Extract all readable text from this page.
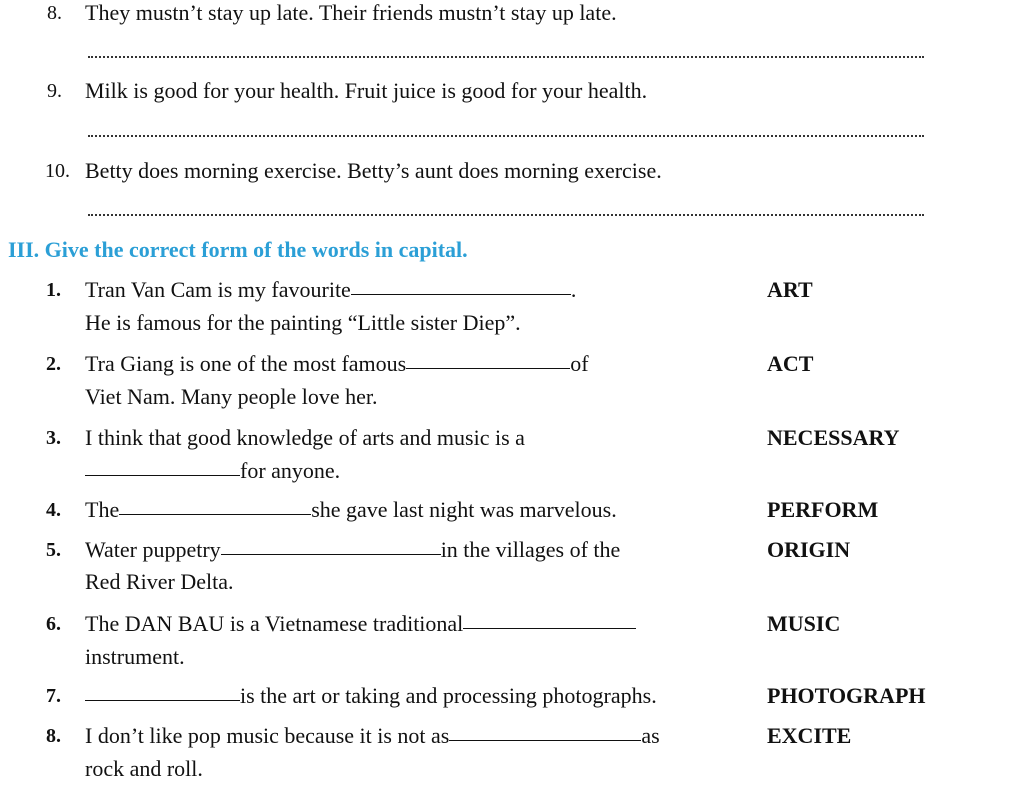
8. They mustn’t stay up late. Their friends mustn’t stay up late.
9. Milk is good for your health. Fruit juice is good for your health.
10. Betty does morning exercise. Betty’s aunt does morning exercise.
III. Give the correct form of the words in capital.
1. Tran Van Cam is my favourite	.
He is famous for the painting “Little sister Diep”.
ART
2. Tra Giang is one of the most famous	of
Viet Nam. Many people love her.
ACT
3. I think that good knowledge of arts and music is a
for anyone.
NECESSARY
4. The	she gave last night was marvelous.	PERFORM
5. Water puppetry	in the villages of the
Red River Delta.
ORIGIN
6. The DAN BAU is a Vietnamese traditional
instrument.
MUSIC
7.	is the art or taking and processing photographs.	PHOTOGRAPH
8. I don’t like pop music because it is not as	as
rock and roll.
EXCITE
